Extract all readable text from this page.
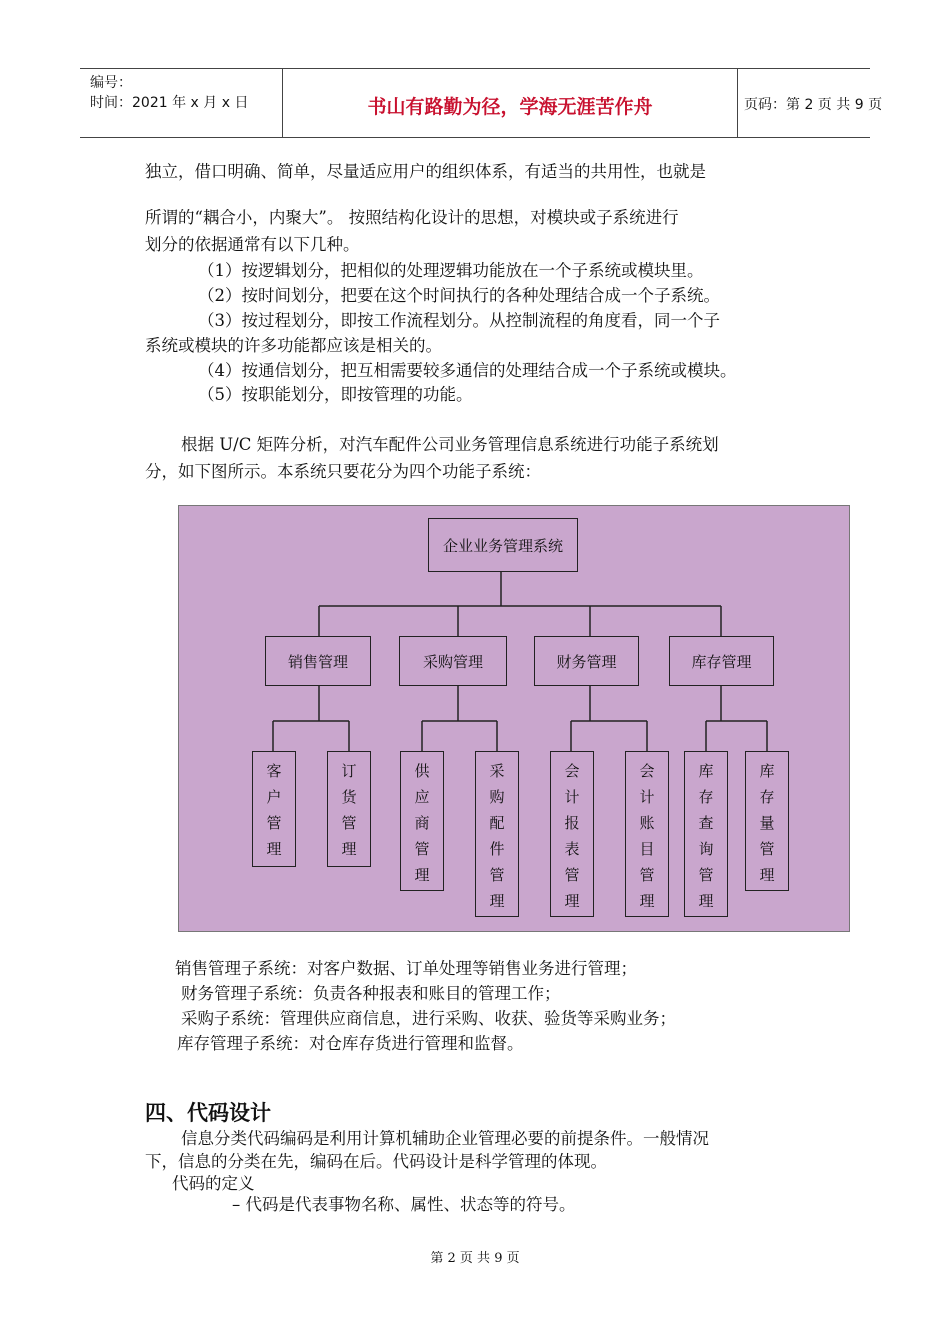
编号：
时间：2021 年 x 月 x 日	书山有路勤为径，学海无涯苦作舟	页码：第 2 页 共 9 页
独立，借口明确、简单，尽量适应用户的组织体系，有适当的共用性，也就是
所谓的“耦合小，内聚大”。 按照结构化设计的思想，对模块或子系统进行
划分的依据通常有以下几种。
（1）按逻辑划分，把相似的处理逻辑功能放在一个子系统或模块里。
（2）按时间划分，把要在这个时间执行的各种处理结合成一个子系统。
（3）按过程划分，即按工作流程划分。从控制流程的角度看，同一个子
系统或模块的许多功能都应该是相关的。
（4）按通信划分，把互相需要较多通信的处理结合成一个子系统或模块。
（5）按职能划分，即按管理的功能。
根据 U/C 矩阵分析，对汽车配件公司业务管理信息系统进行功能子系统划
分，如下图所示。本系统只要花分为四个功能子系统：
企业业务管理系统
销售管理	采购管理	财务管理	库存管理
客
户
管
理
订
货
管
理
供
应
商
管
理
采
购
配
件
管
理
会
计
报
表
管
理
会
计
账
目
管
理
库
存
查
询
管
理
库
存
量
管
理
销售管理子系统：对客户数据、订单处理等销售业务进行管理；
财务管理子系统：负责各种报表和账目的管理工作；
采购子系统：管理供应商信息，进行采购、收获、验货等采购业务；
库存管理子系统：对仓库存货进行管理和监督。
四、代码设计
信息分类代码编码是利用计算机辅助企业管理必要的前提条件。一般情况
下，信息的分类在先，编码在后。代码设计是科学管理的体现。
代码的定义
– 代码是代表事物名称、属性、状态等的符号。
第 2 页 共 9 页
